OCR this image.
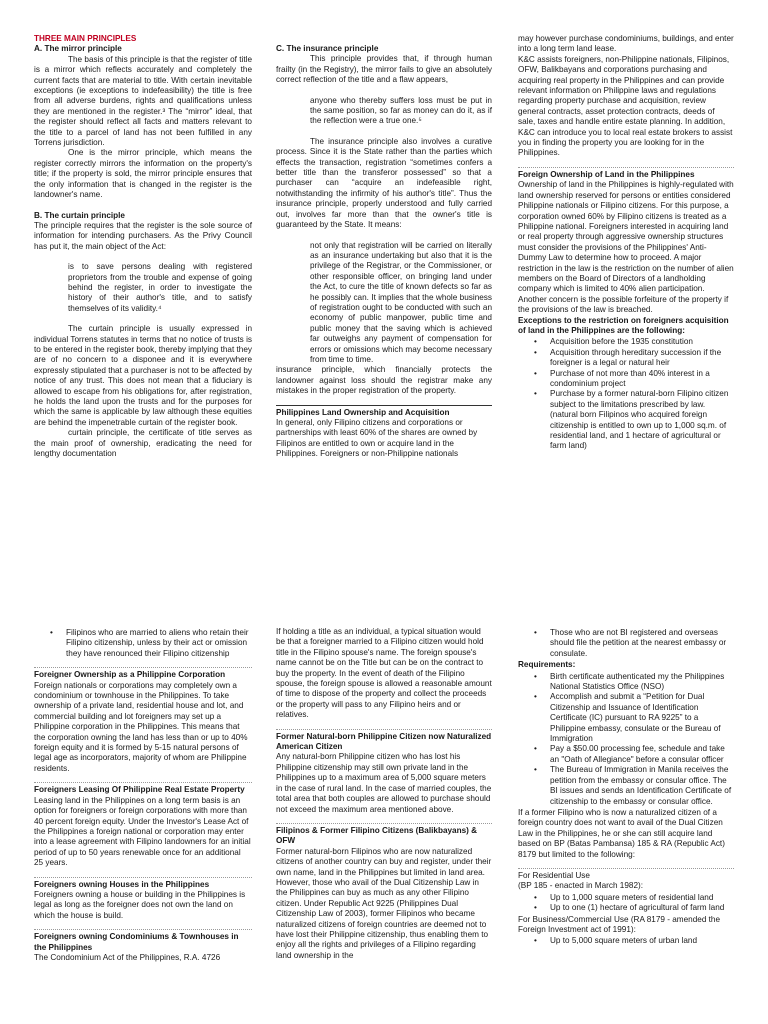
THREE MAIN PRINCIPLES

A. The mirror principle

The basis of this principle is that the register of title is a mirror which reflects accurately and completely the current facts that are material to title. With certain inevitable exceptions (ie exceptions to indefeasibility) the title is free from all adverse burdens, rights and qualifications unless they are mentioned in the register.³ The “mirror” ideal, that the register should reflect all facts and matters relevant to the title to a parcel of land has not been fulfilled in any Torrens jurisdiction.

One is the mirror principle, which means the register correctly mirrors the information on the property's title; if the property is sold, the mirror principle ensures that the only information that is changed in the register is the landowner's name.

B. The curtain principle

The principle requires that the register is the sole source of information for intending purchasers. As the Privy Council has put it, the main object of the Act:

is to save persons dealing with registered proprietors from the trouble and expense of going behind the register, in order to investigate the history of their author's title, and to satisfy themselves of its validity.⁴

The curtain principle is usually expressed in individual Torrens statutes in terms that no notice of trusts is to be entered in the register book, thereby implying that they are of no concern to a disponee and it is everywhere expressly stipulated that a purchaser is not to be affected by notice of any trust. This does not mean that a fiduciary is allowed to escape from his obligations for, after registration, he holds the land upon the trusts and for the purposes for which the same is applicable by law although these equities are behind the impenetrable curtain of the register book.

curtain principle, the certificate of title serves as the main proof of ownership, eradicating the need for lengthy documentation

C. The insurance principle

This principle provides that, if through human frailty (in the Registry), the mirror fails to give an absolutely correct reflection of the title and a flaw appears,

anyone who thereby suffers loss must be put in the same position, so far as money can do it, as if the reflection were a true one.⁵

The insurance principle also involves a curative process. Since it is the State rather than the parties which effects the transaction, registration “sometimes confers a better title than the transferor possessed” so that a purchaser can “acquire an indefeasible right, notwithstanding the infirmity of his author's title”. Thus the insurance principle, properly understood and fully carried out, involves far more than that the owner's title is guaranteed by the State. It means:

not only that registration will be carried on literally as an insurance undertaking but also that it is the privilege of the Registrar, or the Commissioner, or other responsible officer, on bringing land under the Act, to cure the title of known defects so far as he possibly can. It implies that the whole business of registration ought to be conducted with such an economy of public manpower, public time and public money that the saving which is achieved far outweighs any payment of compensation for errors or omissions which may become necessary from time to time.

insurance principle, which financially protects the landowner against loss should the registrar make any mistakes in the proper registration of the property.

Philippines Land Ownership and Acquisition

In general, only Filipino citizens and corporations or partnerships with least 60% of the shares are owned by Filipinos are entitled to own or acquire land in the Philippines. Foreigners or non-Philippine nationals

may however purchase condominiums, buildings, and enter into a long term land lease.

K&C assists foreigners, non-Philippine nationals, Filipinos, OFW, Balikbayans and corporations purchasing and acquiring real property in the Philippines and can provide relevant information on Philippine laws and regulations regarding property purchase and acquisition, review general contracts, asset protection contracts, deeds of sale, taxes and handle entire estate planning. In addition, K&C can introduce you to local real estate brokers to assist you in finding the property you are looking for in the Philippines.

Foreign Ownership of Land in the Philippines

Ownership of land in the Philippines is highly-regulated with land ownership reserved for persons or entities considered Philippine nationals or Filipino citizens. For this purpose, a corporation owned 60% by Filipino citizens is treated as a Philippine national. Foreigners interested in acquiring land or real property through aggressive ownership structures must consider the provisions of the Philippines' Anti-Dummy Law to determine how to proceed. A major restriction in the law is the restriction on the number of alien members on the Board of Directors of a landholding company which is limited to 40% alien participation. Another concern is the possible forfeiture of the property if the provisions of the law is breached.

Exceptions to the restriction on foreigners acquisition of land in the Philippines are the following:

• Acquisition before the 1935 constitution
• Acquisition through hereditary succession if the foreigner is a legal or natural heir
• Purchase of not more than 40% interest in a condominium project
• Purchase by a former natural-born Filipino citizen subject to the limitations prescribed by law. (natural born Filipinos who acquired foreign citizenship is entitled to own up to 1,000 sq.m. of residential land, and 1 hectare of agricultural or farm land)
• Filipinos who are married to aliens who retain their Filipino citizenship, unless by their act or omission they have renounced their Filipino citizenship

Foreigner Ownership as a Philippine Corporation

Foreign nationals or corporations may completely own a condominium or townhouse in the Philippines. To take ownership of a private land, residential house and lot, and commercial building and lot foreigners may set up a Philippine corporation in the Philippines. This means that the corporation owning the land has less than or up to 40% foreign equity and it is formed by 5-15 natural persons of legal age as incorporators, majority of whom are Philippine residents.

Foreigners Leasing Of Philippine Real Estate Property

Leasing land in the Philippines on a long term basis is an option for foreigners or foreign corporations with more than 40 percent foreign equity. Under the Investor's Lease Act of the Philippines a foreign national or corporation may enter into a lease agreement with Filipino landowners for an initial period of up to 50 years renewable once for an additional 25 years.

Foreigners owning Houses in the Philippines

Foreigners owning a house or building in the Philippines is legal as long as the foreigner does not own the land on which the house is build.

Foreigners owning Condominiums & Townhouses in the Philippines

The Condominium Act of the Philippines, R.A. 4726

If holding a title as an individual, a typical situation would be that a foreigner married to a Filipino citizen would hold title in the Filipino spouse's name. The foreign spouse's name cannot be on the Title but can be on the contract to buy the property. In the event of death of the Filipino spouse, the foreign spouse is allowed a reasonable amount of time to dispose of the property and collect the proceeds or the property will pass to any Filipino heirs and or relatives.

Former Natural-born Philippine Citizen now Naturalized American Citizen

Any natural-born Philippine citizen who has lost his Philippine citizenship may still own private land in the Philippines up to a maximum area of 5,000 square meters in the case of rural land. In the case of married couples, the total area that both couples are allowed to purchase should not exceed the maximum area mentioned above.

Filipinos & Former Filipino Citizens (Balikbayans) & OFW

Former natural-born Filipinos who are now naturalized citizens of another country can buy and register, under their own name, land in the Philippines but limited in land area. However, those who avail of the Dual Citizenship Law in the Philippines can buy as much as any other Filipino citizen. Under Republic Act 9225 (Philippines Dual Citizenship Law of 2003), former Filipinos who became naturalized citizens of foreign countries are deemed not to have lost their Philippine citizenship, thus enabling them to enjoy all the rights and privileges of a Filipino regarding land ownership in the

• Those who are not BI registered and overseas should file the petition at the nearest embassy or consulate.

Requirements:

• Birth certificate authenticated my the Philippines National Statistics Office (NSO)
• Accomplish and submit a “Petition for Dual Citizenship and Issuance of Identification Certificate (IC) pursuant to RA 9225” to a Philippine embassy, consulate or the Bureau of Immigration
• Pay a $50.00 processing fee, schedule and take an "Oath of Allegiance" before a consular officer
• The Bureau of Immigration in Manila receives the petition from the embassy or consular office. The BI issues and sends an Identification Certificate of citizenship to the embassy or consular office.

If a former Filipino who is now a naturalized citizen of a foreign country does not want to avail of the Dual Citizen Law in the Philippines, he or she can still acquire land based on BP (Batas Pambansa) 185 & RA (Republic Act) 8179 but limited to the following:

For Residential Use

(BP 185 - enacted in March 1982):

• Up to 1,000 square meters of residential land
• Up to one (1) hectare of agricultural of farm land

For Business/Commercial Use (RA 8179 - amended the Foreign Investment act of 1991):

• Up to 5,000 square meters of urban land
